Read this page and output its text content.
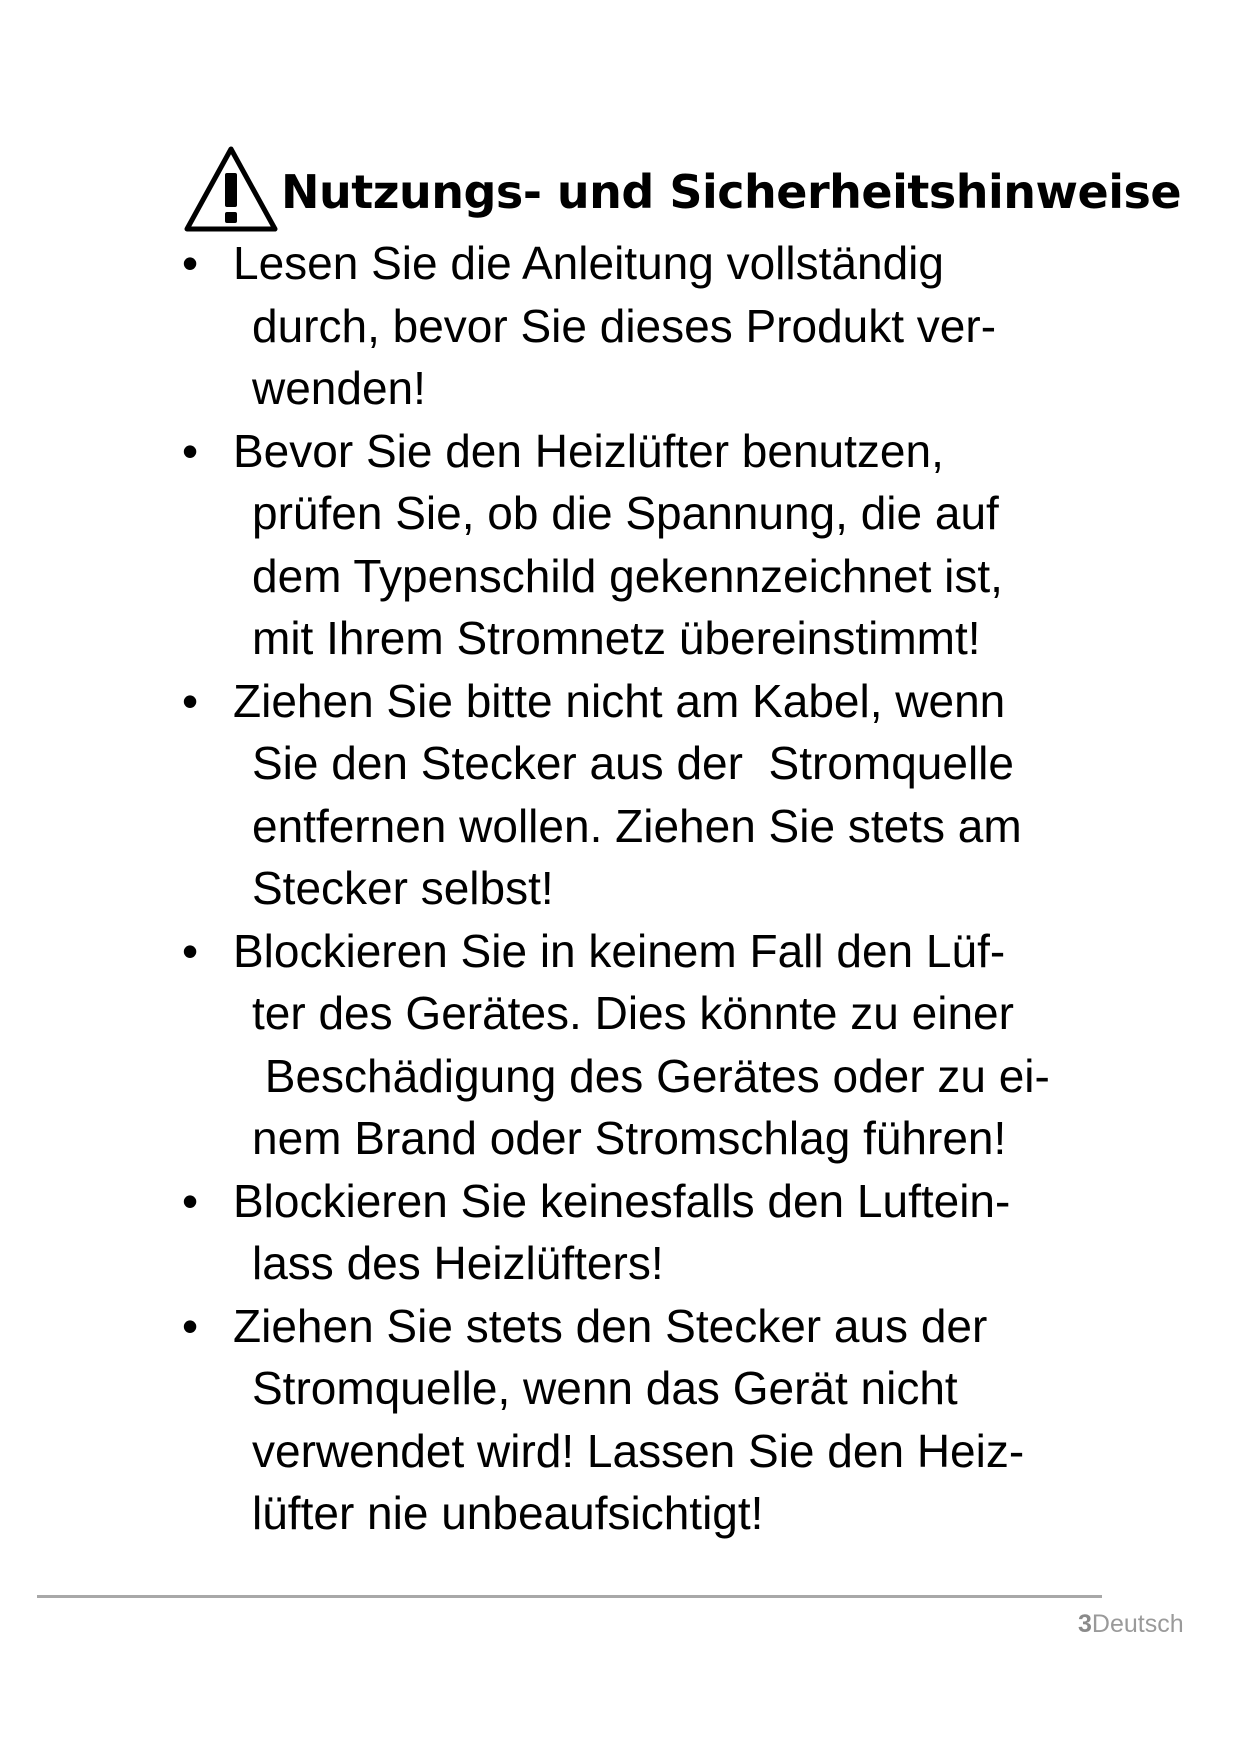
Nutzungs- und Sicherheitshinweise
• Lesen Sie die Anleitung vollständig
durch, bevor Sie dieses Produkt ver-
wenden!
• Bevor Sie den Heizlüfter benutzen,
prüfen Sie, ob die Spannung, die auf
dem Typenschild gekennzeichnet ist,
mit Ihrem Stromnetz übereinstimmt!
• Ziehen Sie bitte nicht am Kabel, wenn
Sie den Stecker aus der  Stromquelle
entfernen wollen. Ziehen Sie stets am
Stecker selbst!
• Blockieren Sie in keinem Fall den Lüf-
ter des Gerätes. Dies könnte zu einer
Beschädigung des Gerätes oder zu ei-
nem Brand oder Stromschlag führen!
• Blockieren Sie keinesfalls den Luftein-
lass des Heizlüfters!
• Ziehen Sie stets den Stecker aus der
Stromquelle, wenn das Gerät nicht
verwendet wird! Lassen Sie den Heiz-
lüfter nie unbeaufsichtigt!
3Deutsch
